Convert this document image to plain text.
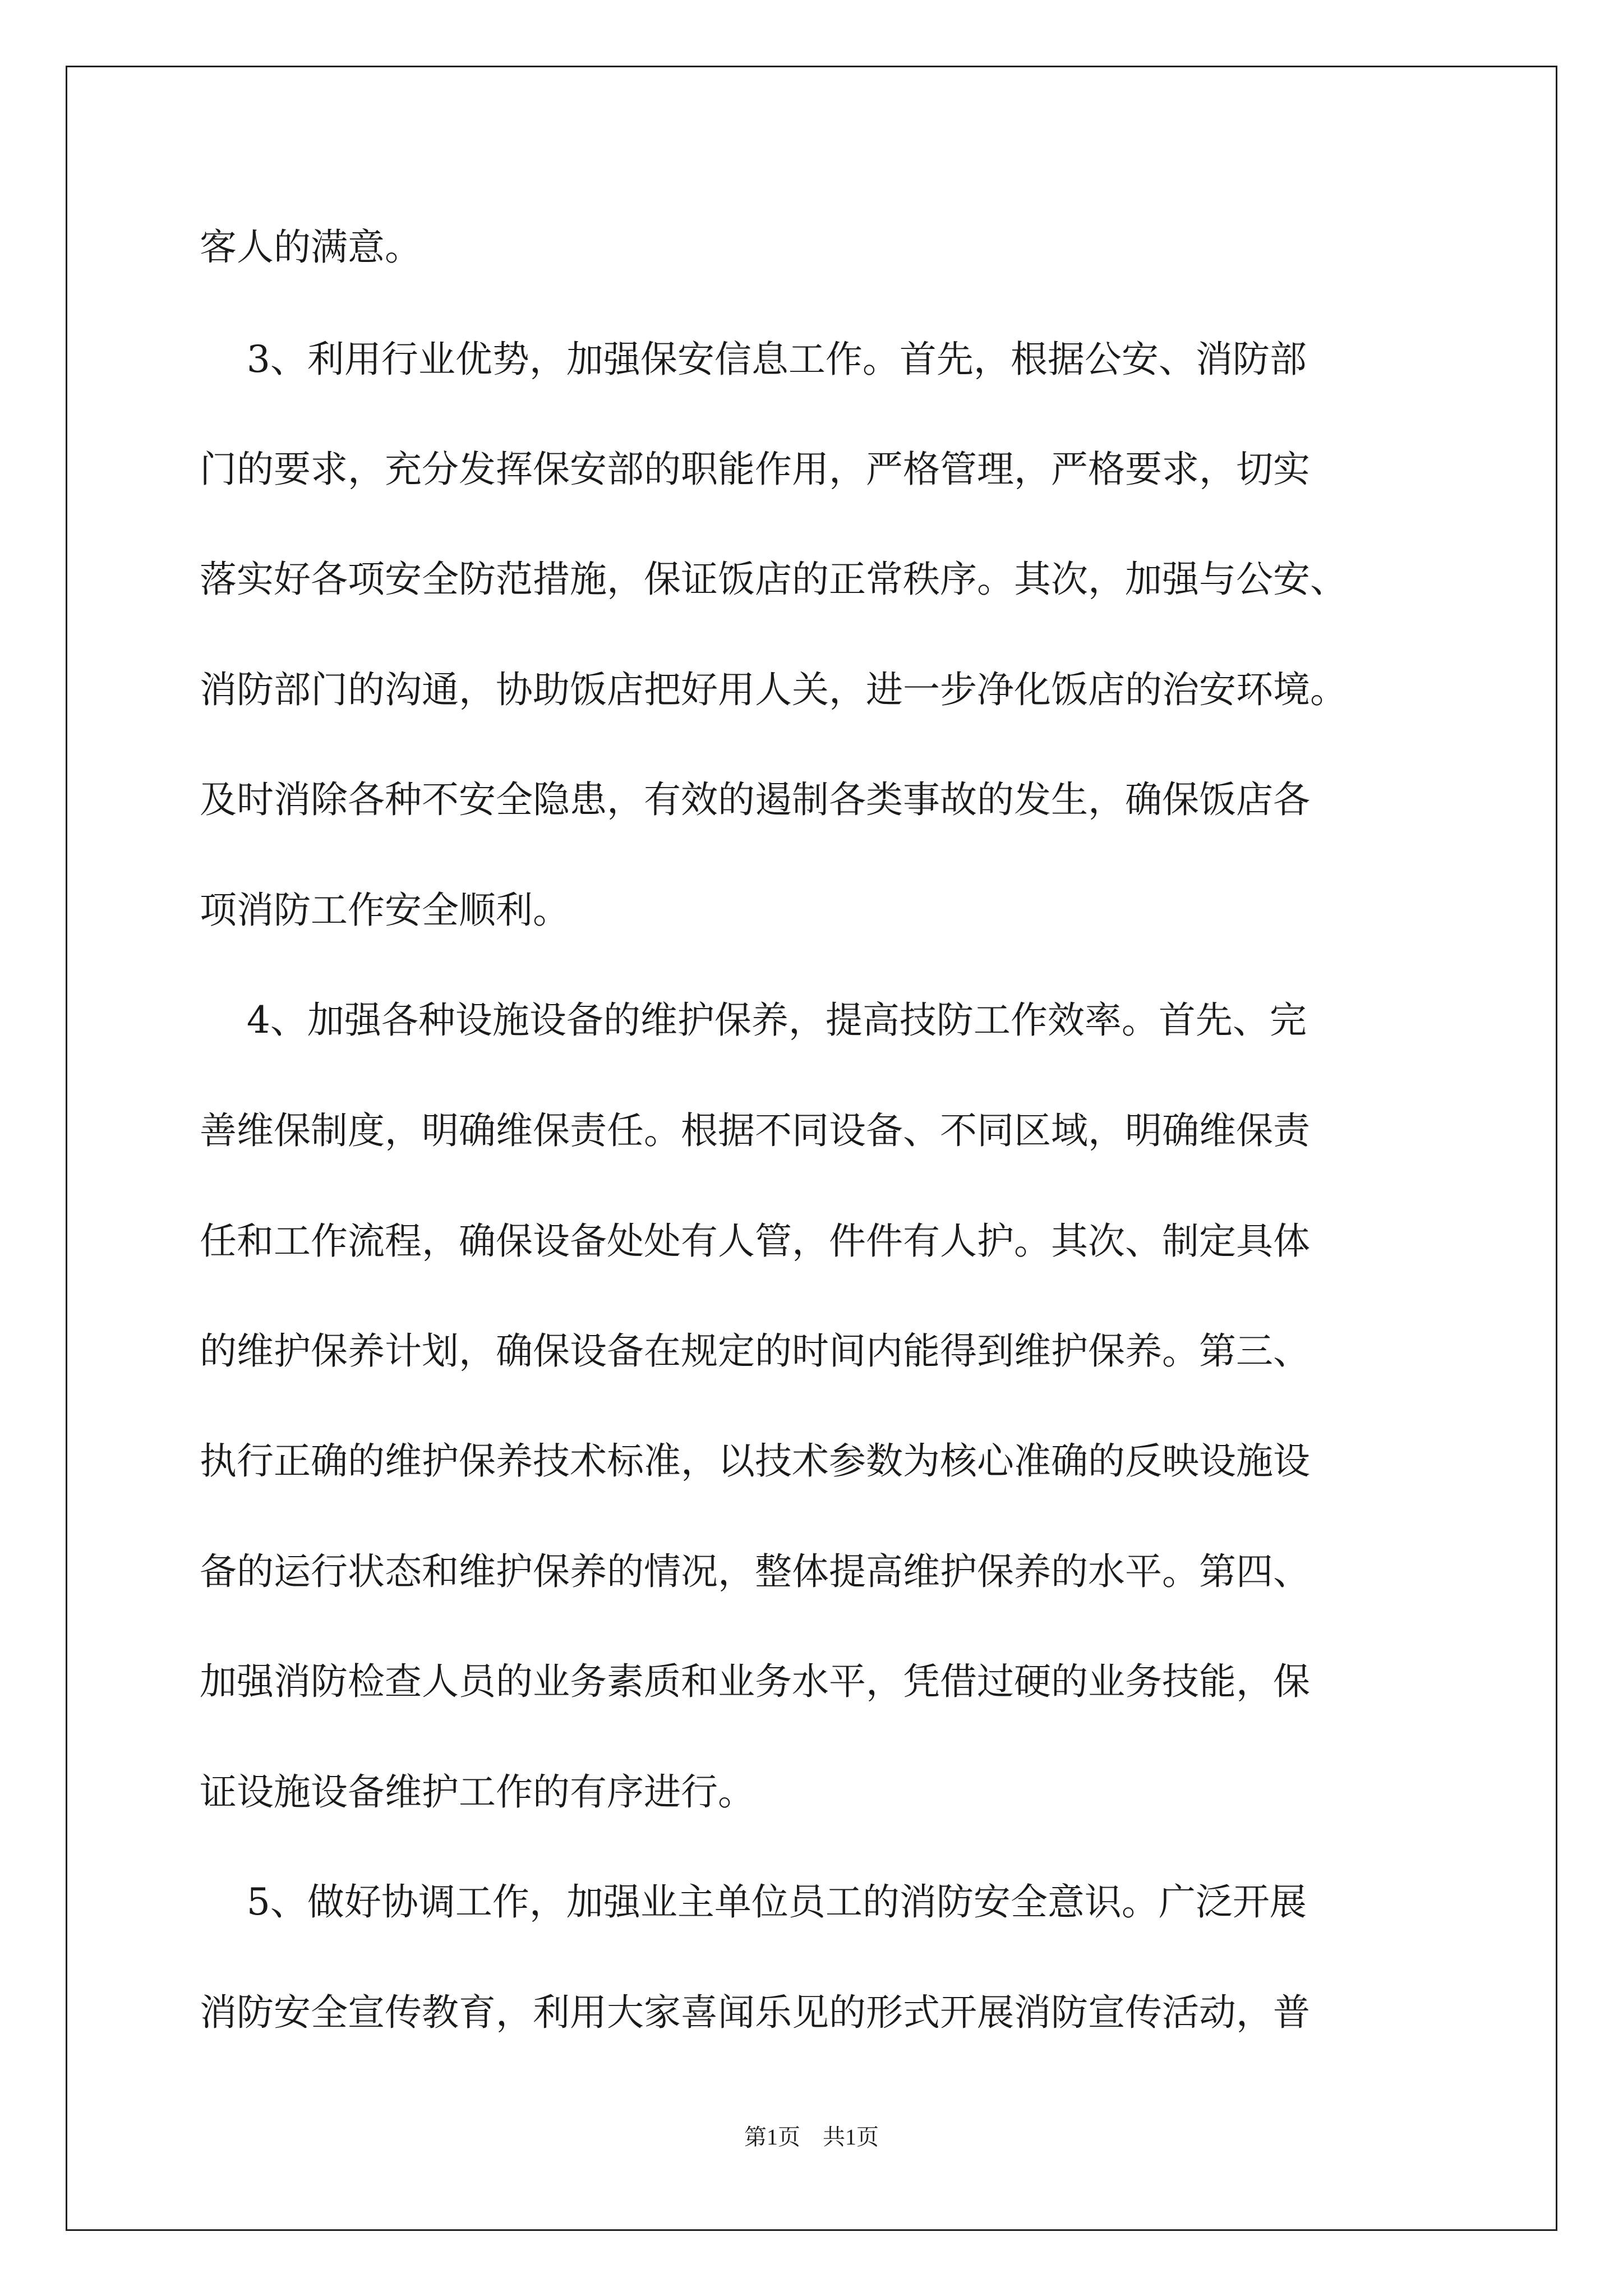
客人的满意。
3、利用行业优势，加强保安信息工作。首先，根据公安、消防部
门的要求，充分发挥保安部的职能作用，严格管理，严格要求，切实
落实好各项安全防范措施，保证饭店的正常秩序。其次，加强与公安、
消防部门的沟通，协助饭店把好用人关，进一步净化饭店的治安环境。
及时消除各种不安全隐患，有效的遏制各类事故的发生，确保饭店各
项消防工作安全顺利。
4、加强各种设施设备的维护保养，提高技防工作效率。首先、完
善维保制度，明确维保责任。根据不同设备、不同区域，明确维保责
任和工作流程，确保设备处处有人管，件件有人护。其次、制定具体
的维护保养计划，确保设备在规定的时间内能得到维护保养。第三、
执行正确的维护保养技术标准，以技术参数为核心准确的反映设施设
备的运行状态和维护保养的情况，整体提高维护保养的水平。第四、
加强消防检查人员的业务素质和业务水平，凭借过硬的业务技能，保
证设施设备维护工作的有序进行。
5、做好协调工作，加强业主单位员工的消防安全意识。广泛开展
消防安全宣传教育，利用大家喜闻乐见的形式开展消防宣传活动，普
第1页　共1页
